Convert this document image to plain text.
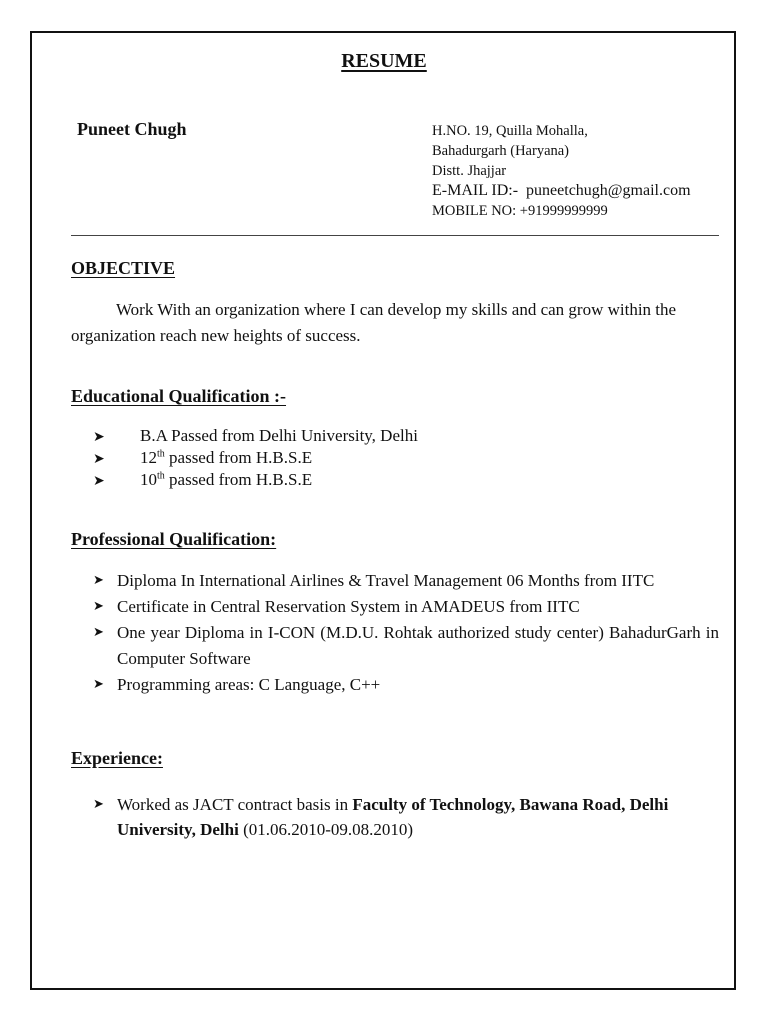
RESUME
Puneet Chugh	H.NO. 19, Quilla Mohalla,
Bahadurgarh (Haryana)
Distt. Jhajjar
E-MAIL ID:- puneetchugh@gmail.com
MOBILE NO: +91999999999
OBJECTIVE
Work With an organization where I can develop my skills and can grow within the organization reach new heights of success.
Educational Qualification :-
➤	B.A Passed from Delhi University, Delhi
➤	12th passed from H.B.S.E
➤	10th passed from H.B.S.E
Professional Qualification:
➤ Diploma In International Airlines & Travel Management 06 Months from IITC
➤ Certificate in Central Reservation System in AMADEUS from IITC
➤ One year Diploma in I-CON (M.D.U. Rohtak authorized study center) BahadurGarh in Computer Software
➤ Programming areas: C Language, C++
Experience:
➤ Worked as JACT contract basis in Faculty of Technology, Bawana Road, Delhi University, Delhi (01.06.2010-09.08.2010)
